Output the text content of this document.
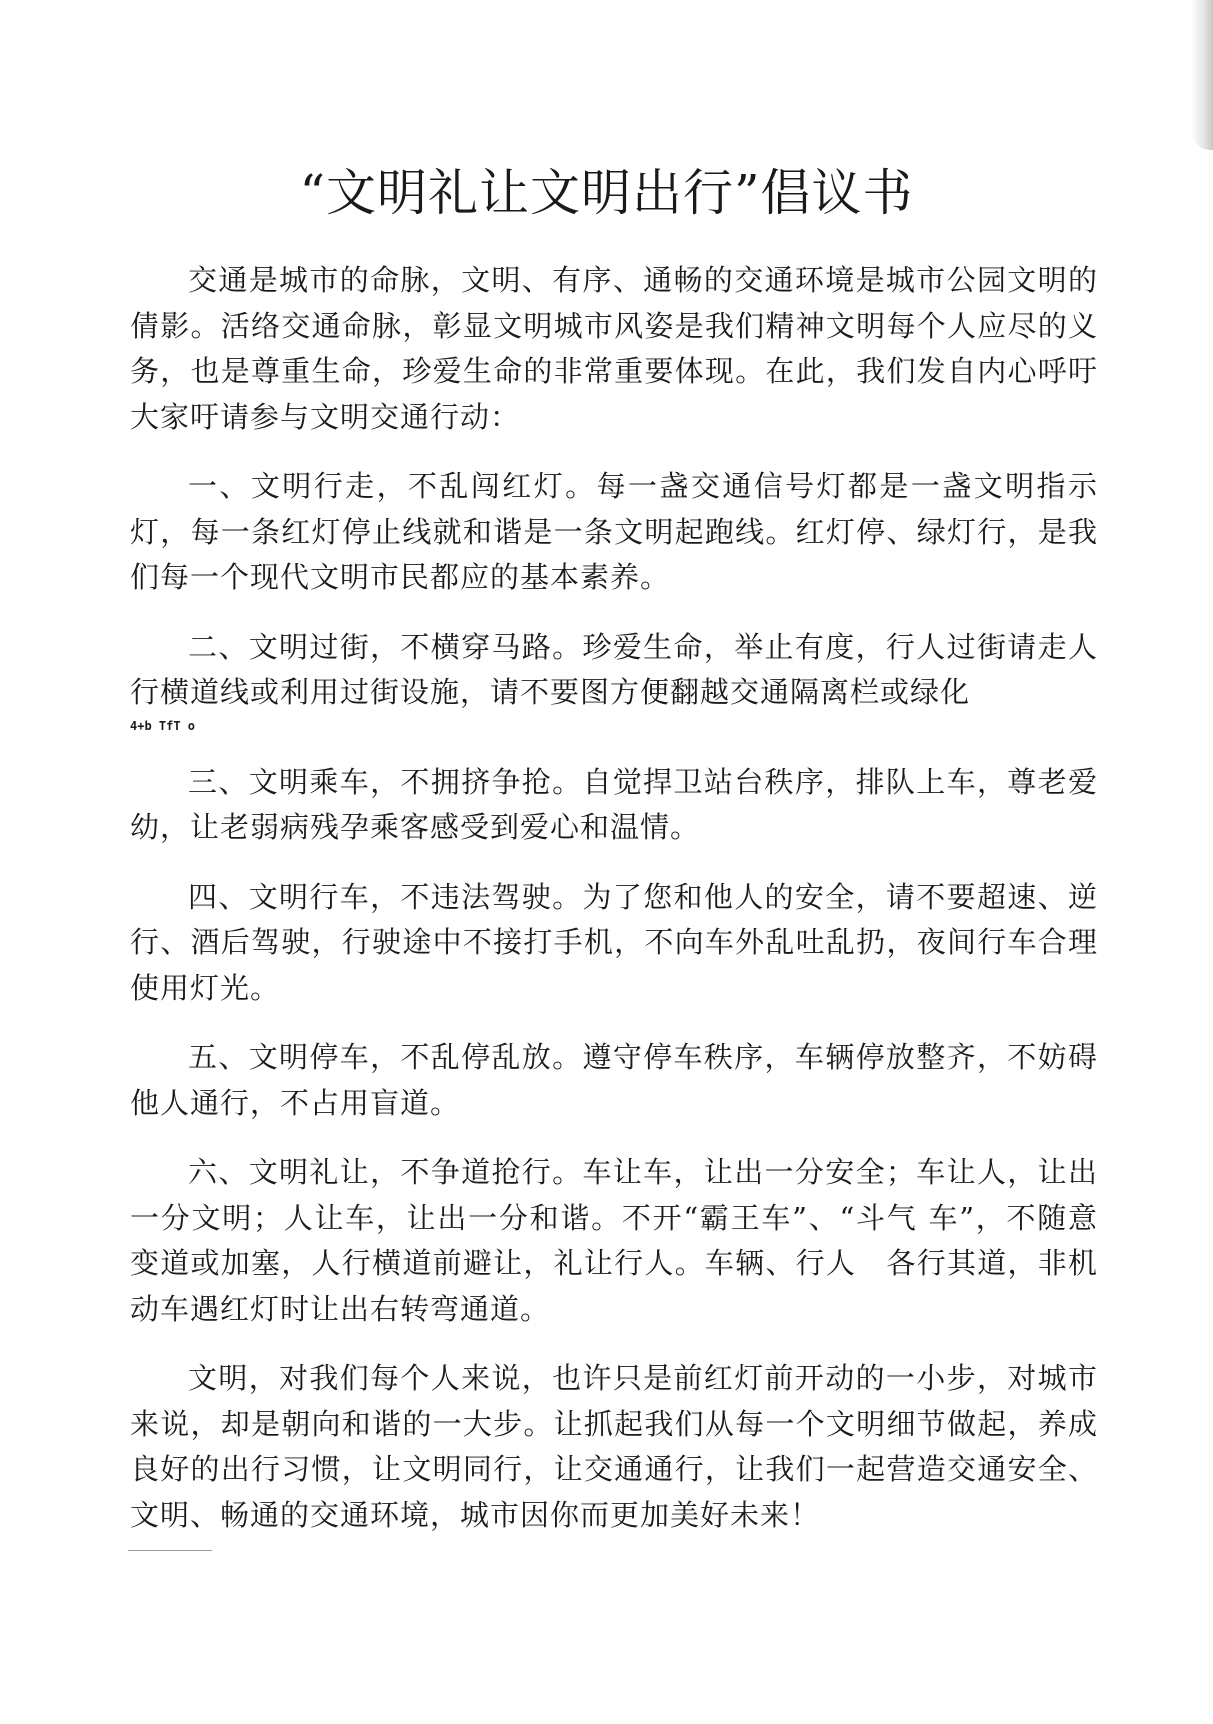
“文明礼让文明出行”倡议书

交通是城市的命脉，文明、有序、通畅的交通环境是城市公园文明的倩影。活络交通命脉，彰显文明城市风姿是我们精神文明每个人应尽的义务，也是尊重生命，珍爱生命的非常重要体现。在此，我们发自内心呼吁大家吁请参与文明交通行动：

一、文明行走，不乱闯红灯。每一盏交通信号灯都是一盏文明指示灯，每一条红灯停止线就和谐是一条文明起跑线。红灯停、绿灯行，是我们每一个现代文明市民都应的基本素养。

二、文明过街，不横穿马路。珍爱生命，举止有度，行人过街请走人行横道线或利用过街设施，请不要图方便翻越交通隔离栏或绿化
4+b TfT o

三、文明乘车，不拥挤争抢。自觉捍卫站台秩序，排队上车，尊老爱幼，让老弱病残孕乘客感受到爱心和温情。

四、文明行车，不违法驾驶。为了您和他人的安全，请不要超速、逆行、酒后驾驶，行驶途中不接打手机，不向车外乱吐乱扔，夜间行车合理使用灯光。

五、文明停车，不乱停乱放。遵守停车秩序，车辆停放整齐，不妨碍他人通行，不占用盲道。

六、文明礼让，不争道抢行。车让车，让出一分安全；车让人，让出一分文明；人让车，让出一分和谐。不开“霸王车”、“斗气 车”，不随意变道或加塞，人行横道前避让，礼让行人。车辆、行人　各行其道，非机动车遇红灯时让出右转弯通道。

文明，对我们每个人来说，也许只是前红灯前开动的一小步，对城市来说，却是朝向和谐的一大步。让抓起我们从每一个文明细节做起，养成良好的出行习惯，让文明同行，让交通通行，让我们一起营造交通安全、文明、畅通的交通环境，城市因你而更加美好未来！
